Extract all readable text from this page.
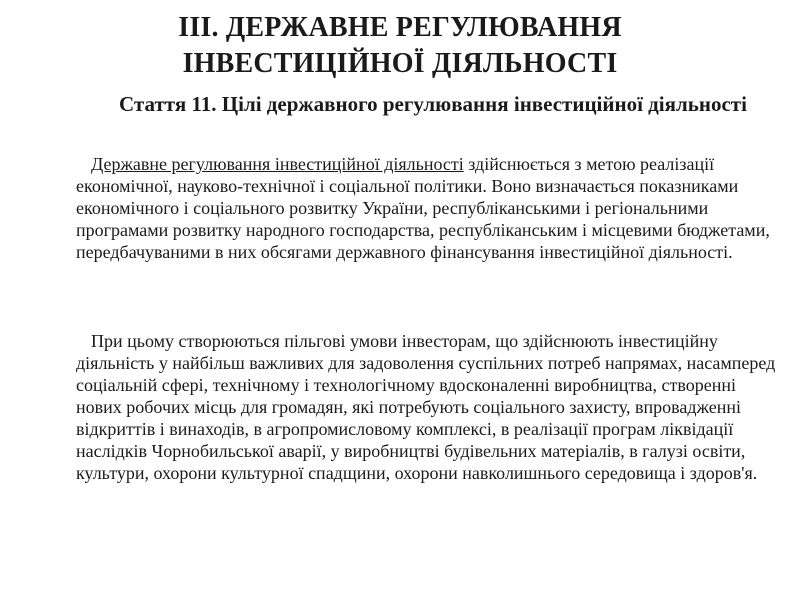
ІІІ. ДЕРЖАВНЕ РЕГУЛЮВАННЯ
ІНВЕСТИЦІЙНОЇ ДІЯЛЬНОСТІ
Стаття 11. Цілі державного регулювання інвестиційної діяльності

Державне регулювання інвестиційної діяльності здійснюється з метою реалізації економічної, науково-технічної і соціальної політики. Воно визначається показниками економічного і соціального розвитку України, республіканськими і регіональними програмами розвитку народного господарства, республіканським і місцевими бюджетами, передбачуваними в них обсягами державного фінансування інвестиційної діяльності.

При цьому створюються пільгові умови інвесторам, що здійснюють інвестиційну діяльність у найбільш важливих для задоволення суспільних потреб напрямах, насамперед соціальній сфері, технічному і технологічному вдосконаленні виробництва, створенні нових робочих місць для громадян, які потребують соціального захисту, впровадженні відкриттів і винаходів, в агропромисловому комплексі, в реалізації програм ліквідації наслідків Чорнобильської аварії, у виробництві будівельних матеріалів, в галузі освіти, культури, охорони культурної спадщини, охорони навколишнього середовища і здоров'я.
